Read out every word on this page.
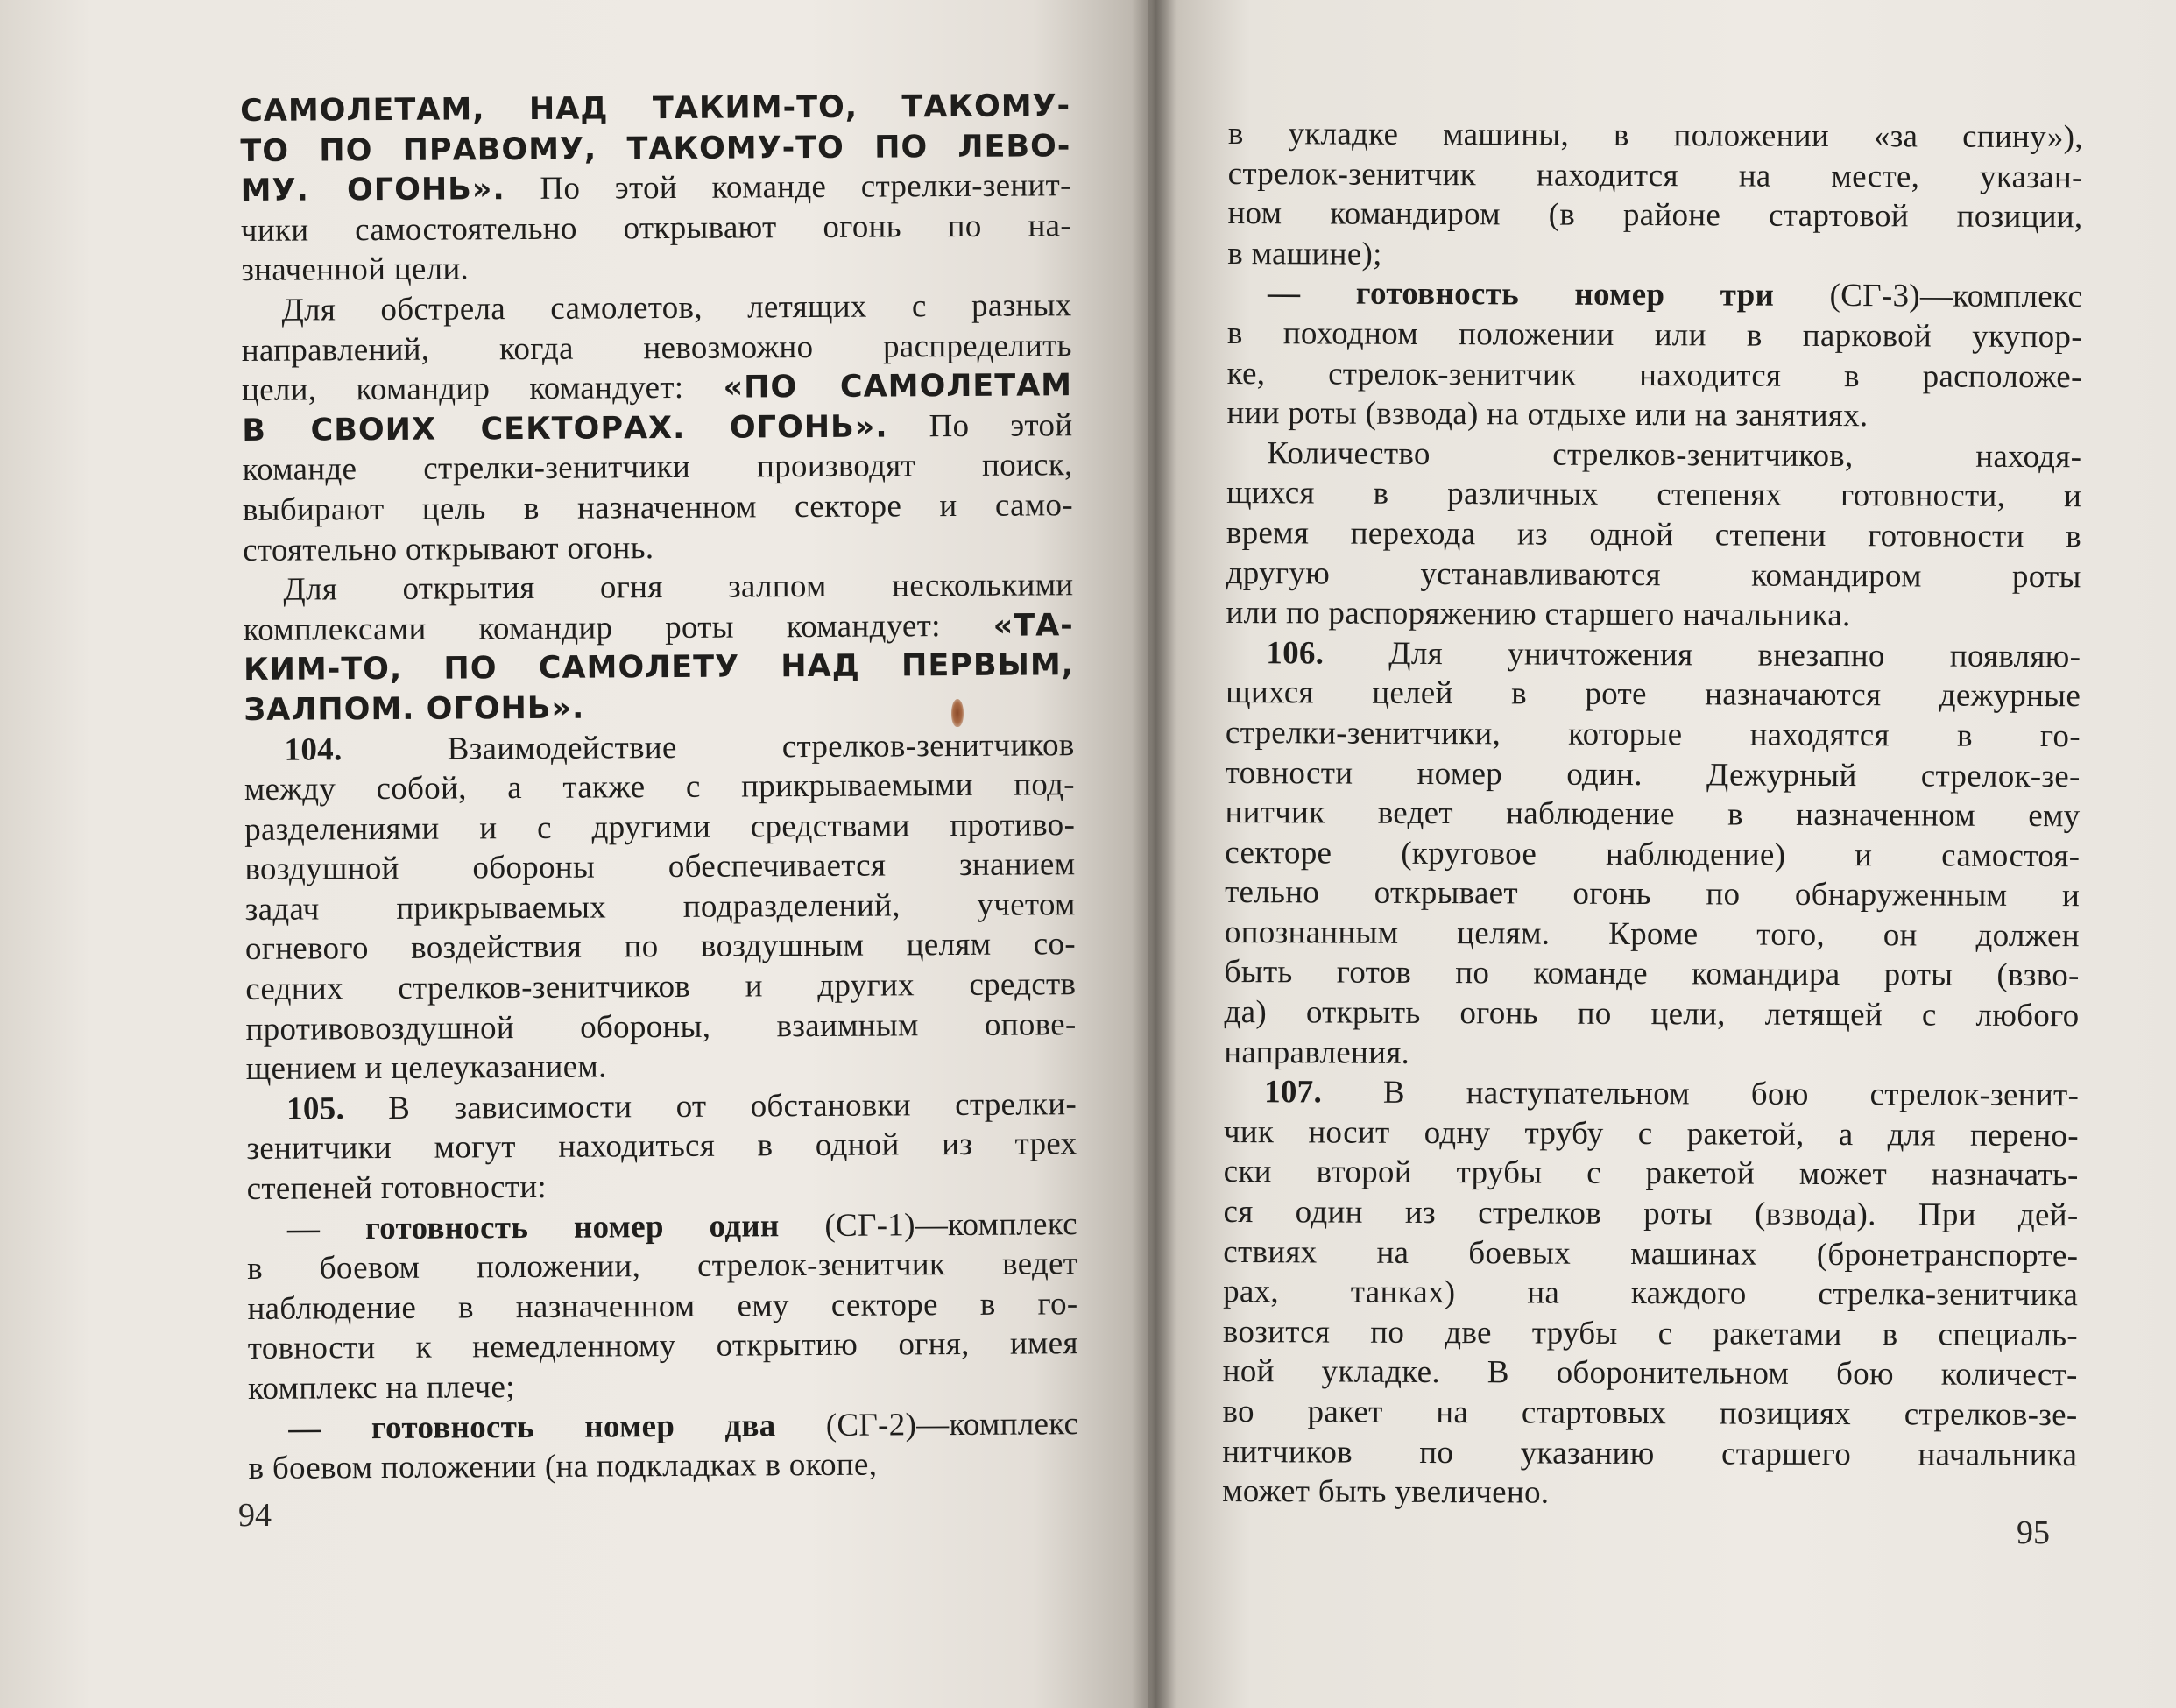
САМОЛЕТАМ, НАД ТАКИМ-ТО, ТАКОМУ-
ТО ПО ПРАВОМУ, ТАКОМУ-ТО ПО ЛЕВО-
МУ. ОГОНЬ». По этой команде стрелки-зенит-
чики самостоятельно открывают огонь по на-
значенной цели.
Для обстрела самолетов, летящих с разных
направлений, когда невозможно распределить
цели, командир командует: «ПО САМОЛЕТАМ
В СВОИХ СЕКТОРАХ. ОГОНЬ». По этой
команде стрелки-зенитчики производят поиск,
выбирают цель в назначенном секторе и само-
стоятельно открывают огонь.
Для открытия огня залпом несколькими
комплексами командир роты командует: «ТА-
КИМ-ТО, ПО САМОЛЕТУ НАД ПЕРВЫМ,
ЗАЛПОМ. ОГОНЬ».
104. Взаимодействие стрелков-зенитчиков
между собой, а также с прикрываемыми под-
разделениями и с другими средствами противо-
воздушной обороны обеспечивается знанием
задач прикрываемых подразделений, учетом
огневого воздействия по воздушным целям со-
седних стрелков-зенитчиков и других средств
противовоздушной обороны, взаимным опове-
щением и целеуказанием.
105. В зависимости от обстановки стрелки-
зенитчики могут находиться в одной из трех
степеней готовности:
— готовность номер один (СГ-1)—комплекс
в боевом положении, стрелок-зенитчик ведет
наблюдение в назначенном ему секторе в го-
товности к немедленному открытию огня, имея
комплекс на плече;
— готовность номер два (СГ-2)—комплекс
в боевом положении (на подкладках в окопе,
в укладке машины, в положении «за спину»),
стрелок-зенитчик находится на месте, указан-
ном командиром (в районе стартовой позиции,
в машине);
— готовность номер три (СГ-3)—комплекс
в походном положении или в парковой укупор-
ке, стрелок-зенитчик находится в расположе-
нии роты (взвода) на отдыхе или на занятиях.
Количество стрелков-зенитчиков, находя-
щихся в различных степенях готовности, и
время перехода из одной степени готовности в
другую устанавливаются командиром роты
или по распоряжению старшего начальника.
106. Для уничтожения внезапно появляю-
щихся целей в роте назначаются дежурные
стрелки-зенитчики, которые находятся в го-
товности номер один. Дежурный стрелок-зе-
нитчик ведет наблюдение в назначенном ему
секторе (круговое наблюдение) и самостоя-
тельно открывает огонь по обнаруженным и
опознанным целям. Кроме того, он должен
быть готов по команде командира роты (взво-
да) открыть огонь по цели, летящей с любого
направления.
107. В наступательном бою стрелок-зенит-
чик носит одну трубу с ракетой, а для перено-
ски второй трубы с ракетой может назначать-
ся один из стрелков роты (взвода). При дей-
ствиях на боевых машинах (бронетранспорте-
рах, танках) на каждого стрелка-зенитчика
возится по две трубы с ракетами в специаль-
ной укладке. В оборонительном бою количест-
во ракет на стартовых позициях стрелков-зе-
нитчиков по указанию старшего начальника
может быть увеличено.
94	95
